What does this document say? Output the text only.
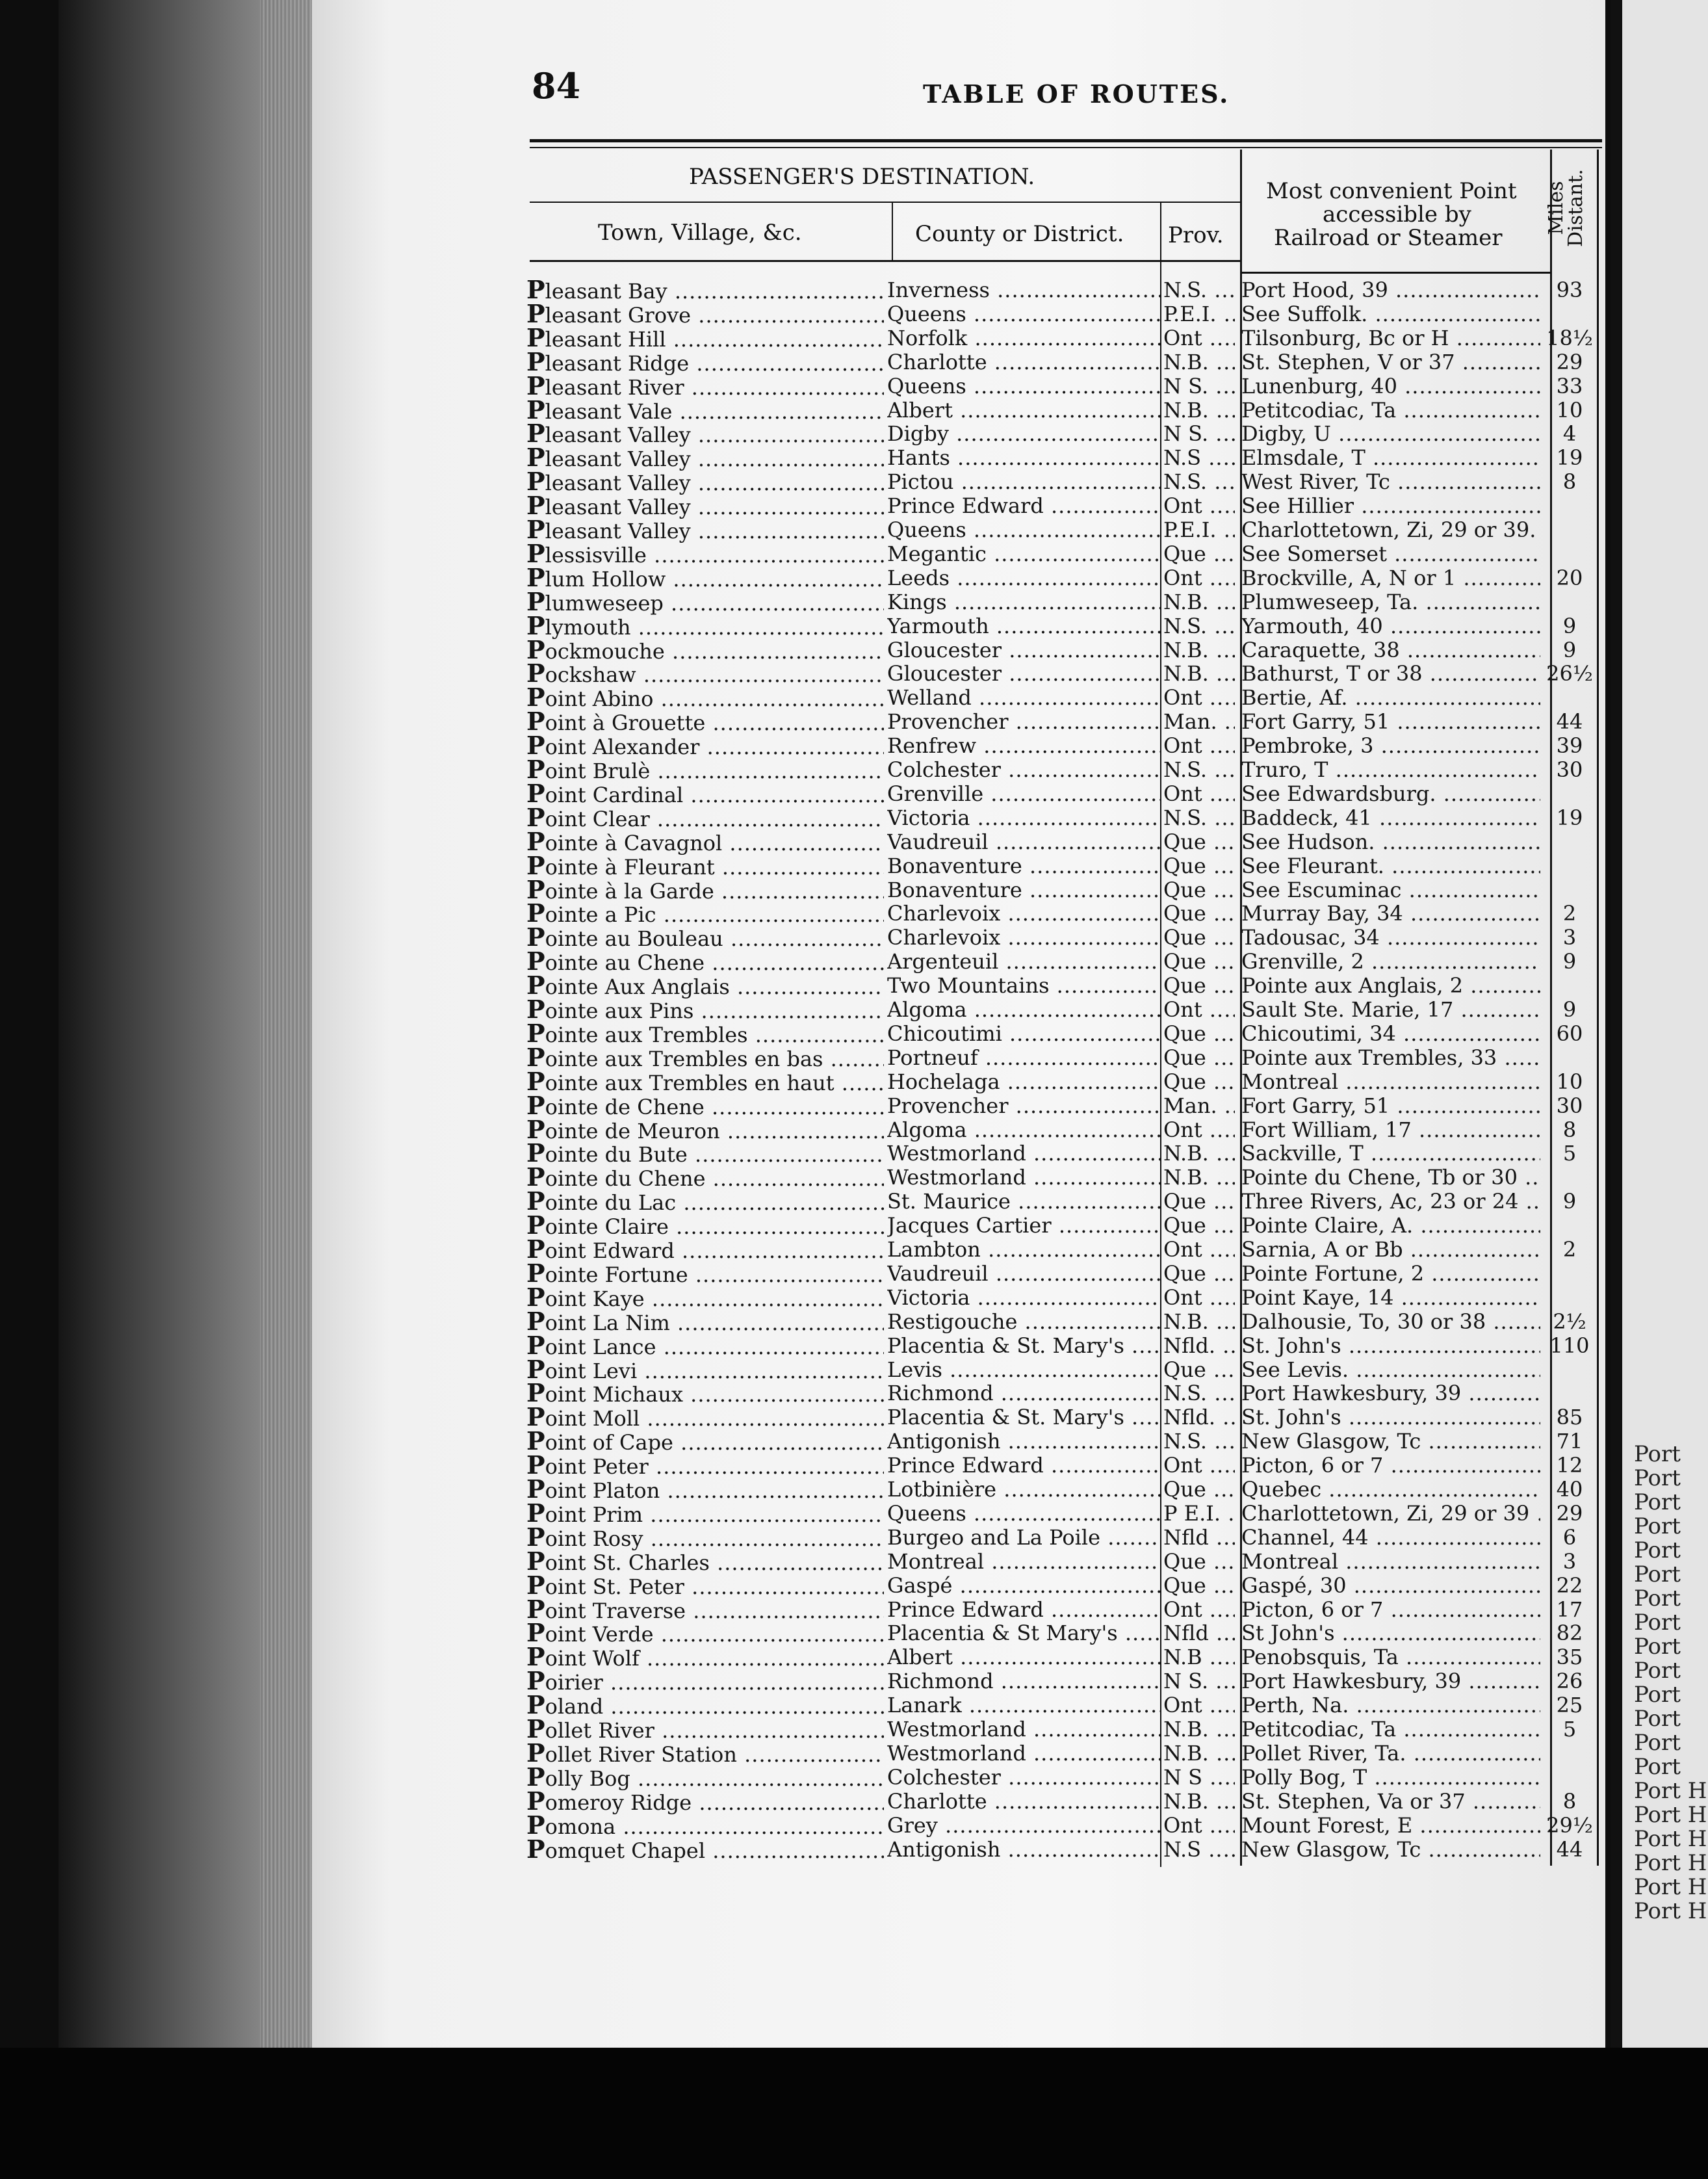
Port H
Port H
Port H
Port H
Port H
Port H
Port
Port
Port
Port
Port
Port
Port
Port
Port
Port
Port
Port
Port
Port
84	TABLE OF ROUTES.
PASSENGER'S DESTINATION.
Town, Village, &c.	County or District. Prov.
Most convenient Point
accessible by
Railroad or Steamer
Miles
Distant.
Pleasant Bay .....	Inverness .....	N.S. .....	Port Hood, 39 .....	93
Pleasant Grove .....	Queens .....	P.E.I. .....	See Suffolk. .....
Pleasant Hill .....	Norfolk .....	Ont .....	Tilsonburg, Bc or H .....	18½
Pleasant Ridge .....	Charlotte .....	N.B. .....	St. Stephen, V or 37 .....	29
Pleasant River .....	Queens .....	N S. .....	Lunenburg, 40 .....	33
Pleasant Vale .....	Albert .....	N.B. .....	Petitcodiac, Ta .....	10
Pleasant Valley .....	Digby .....	N S. .....	Digby, U .....	4
Pleasant Valley .....	Hants .....	N.S .....	Elmsdale, T .....	19
Pleasant Valley .....	Pictou .....	N.S. .....	West River, Tc .....	8
Pleasant Valley .....	Prince Edward .....	Ont .....	See Hillier .....
Pleasant Valley .....	Queens .....	P.E.I. .....	Charlottetown, Zi, 29 or 39. .....
Plessisville .....	Megantic .....	Que .....	See Somerset .....
Plum Hollow .....	Leeds .....	Ont .....	Brockville, A, N or 1 .....	20
Plumweseep .....	Kings .....	N.B. .....	Plumweseep, Ta. .....
Plymouth .....	Yarmouth .....	N.S. .....	Yarmouth, 40 .....	9
Pockmouche .....	Gloucester .....	N.B. .....	Caraquette, 38 .....	9
Pockshaw .....	Gloucester .....	N.B. .....	Bathurst, T or 38 .....	26½
Point Abino .....	Welland .....	Ont .....	Bertie, Af. .....
Point à Grouette .....	Provencher .....	Man. .....	Fort Garry, 51 .....	44
Point Alexander .....	Renfrew .....	Ont .....	Pembroke, 3 .....	39
Point Brulè .....	Colchester .....	N.S. .....	Truro, T .....	30
Point Cardinal .....	Grenville .....	Ont .....	See Edwardsburg. .....
Point Clear .....	Victoria .....	N.S. .....	Baddeck, 41 .....	19
Pointe à Cavagnol .....	Vaudreuil .....	Que .....	See Hudson. .....
Pointe à Fleurant .....	Bonaventure .....	Que .....	See Fleurant. .....
Pointe à la Garde .....	Bonaventure .....	Que .....	See Escuminac .....
Pointe a Pic .....	Charlevoix .....	Que .....	Murray Bay, 34 .....	2
Pointe au Bouleau .....	Charlevoix .....	Que .....	Tadousac, 34 .....	3
Pointe au Chene .....	Argenteuil .....	Que .....	Grenville, 2 .....	9
Pointe Aux Anglais .....	Two Mountains .....	Que .....	Pointe aux Anglais, 2 .....
Pointe aux Pins .....	Algoma .....	Ont .....	Sault Ste. Marie, 17 .....	9
Pointe aux Trembles .....	Chicoutimi .....	Que .....	Chicoutimi, 34 .....	60
Pointe aux Trembles en bas .....	Portneuf .....	Que .....	Pointe aux Trembles, 33 .....
Pointe aux Trembles en haut .....	Hochelaga .....	Que .....	Montreal .....	10
Pointe de Chene .....	Provencher .....	Man. .....	Fort Garry, 51 .....	30
Pointe de Meuron .....	Algoma .....	Ont .....	Fort William, 17 .....	8
Pointe du Bute .....	Westmorland .....	N.B. .....	Sackville, T .....	5
Pointe du Chene .....	Westmorland .....	N.B. .....	Pointe du Chene, Tb or 30 .....
Pointe du Lac .....	St. Maurice .....	Que .....	Three Rivers, Ac, 23 or 24 .....	9
Pointe Claire .....	Jacques Cartier .....	Que .....	Pointe Claire, A. .....
Point Edward .....	Lambton .....	Ont .....	Sarnia, A or Bb .....	2
Pointe Fortune .....	Vaudreuil .....	Que .....	Pointe Fortune, 2 .....
Point Kaye .....	Victoria .....	Ont .....	Point Kaye, 14 .....
Point La Nim .....	Restigouche .....	N.B. .....	Dalhousie, To, 30 or 38 .....	2½
Point Lance .....	Placentia & St. Mary's .....	Nfld. .....	St. John's .....	110
Point Levi .....	Levis .....	Que .....	See Levis. .....
Point Michaux .....	Richmond .....	N.S. .....	Port Hawkesbury, 39 .....
Point Moll .....	Placentia & St. Mary's .....	Nfld. .....	St. John's .....	85
Point of Cape .....	Antigonish .....	N.S. .....	New Glasgow, Tc .....	71
Point Peter .....	Prince Edward .....	Ont .....	Picton, 6 or 7 .....	12
Point Platon .....	Lotbinière .....	Que .....	Quebec .....	40
Point Prim .....	Queens .....	P E.I. ..... Charlottetown, Zi, 29 or 39 .....	29
Point Rosy .....	Burgeo and La Poile .....	Nfld .....	Channel, 44 .....	6
Point St. Charles .....	Montreal .....	Que .....	Montreal .....	3
Point St. Peter .....	Gaspé .....	Que .....	Gaspé, 30 .....	22
Point Traverse .....	Prince Edward .....	Ont .....	Picton, 6 or 7 .....	17
Point Verde .....	Placentia & St Mary's .....	Nfld .....	St John's .....	82
Point Wolf .....	Albert .....	N.B .....	Penobsquis, Ta .....	35
Poirier .....	Richmond .....	N S. .....	Port Hawkesbury, 39 .....	26
Poland .....	Lanark .....	Ont .....	Perth, Na. .....	25
Pollet River .....	Westmorland .....	N.B. .....	Petitcodiac, Ta .....	5
Pollet River Station .....	Westmorland .....	N.B. .....	Pollet River, Ta. .....
Polly Bog .....	Colchester .....	N S .....	Polly Bog, T .....
Pomeroy Ridge .....	Charlotte .....	N.B. .....	St. Stephen, Va or 37 .....	8
Pomona .....	Grey .....	Ont .....	Mount Forest, E .....	29½
Pomquet Chapel .....	Antigonish .....	N.S .....	New Glasgow, Tc .....	44
